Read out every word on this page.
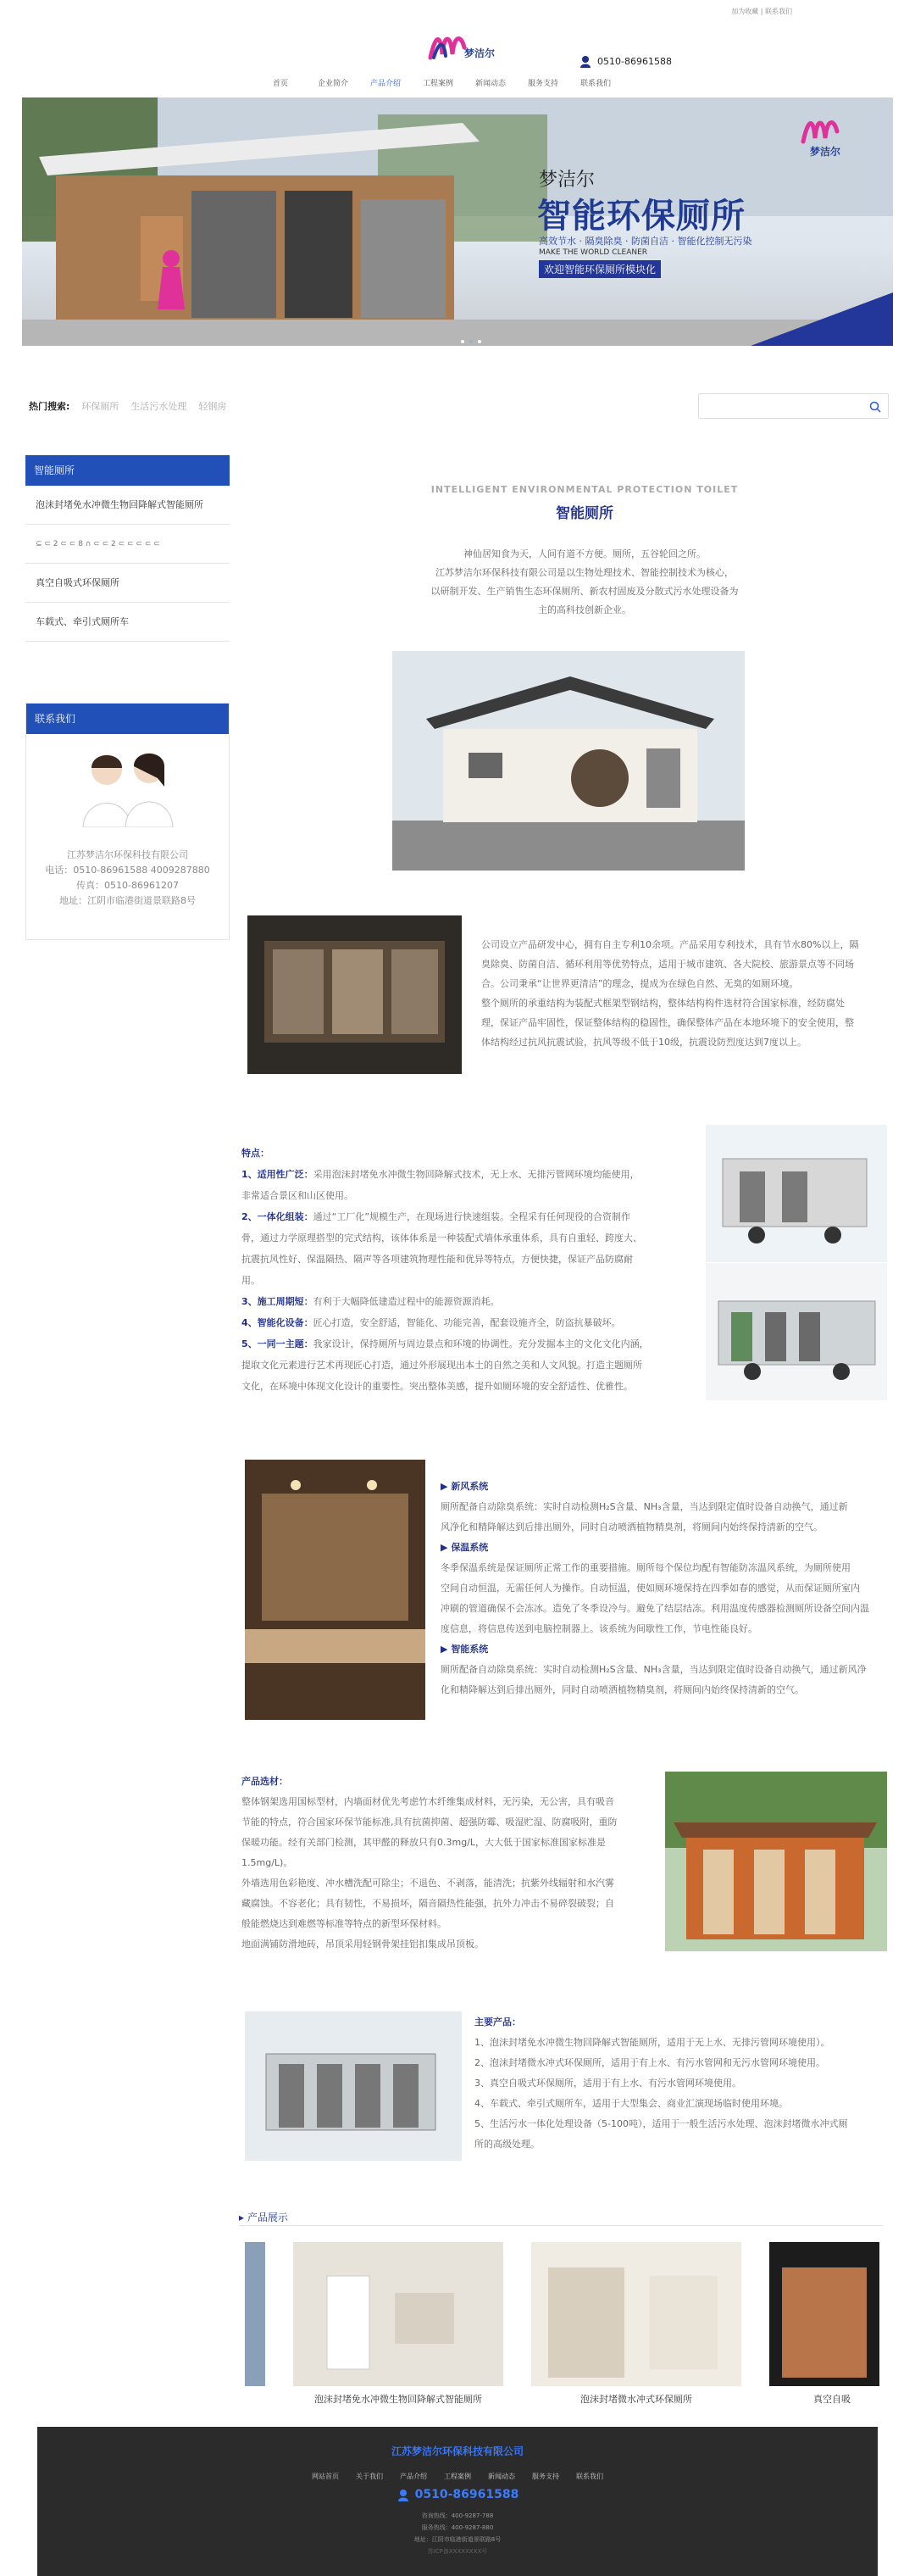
加为收藏 | 联系我们
梦洁尔
0510-86961588
首页	企业简介	产品介绍	工程案例	新闻动态	服务支持	联系我们
梦洁尔
智能环保厕所
高效节水 · 隔臭除臭 · 防菌自洁 · 智能化控制无污染
MAKE THE WORLD CLEANER
欢迎智能环保厕所模块化
梦洁尔
热门搜索: 环保厕所 生活污水处理 轻钢房
智能厕所
泡沫封堵免水冲微生物回降解式智能厕所
⊆ ⊂ 2 ⊂ ⊂ 8 ∩ ⊂ ⊂ 2 ⊂ ⊂ ⊂ ⊂ ⊂
真空自吸式环保厕所
车载式、牵引式厕所车
联系我们
江苏梦洁尔环保科技有限公司
电话：0510-86961588 4009287880
传真：0510-86961207
地址：江阴市临港街道景联路8号
INTELLIGENT ENVIRONMENTAL PROTECTION TOILET
智能厕所
神仙居知食为天，人间有道不方便。厕所，五谷轮回之所。
江苏梦洁尔环保科技有限公司是以生物处理技术、智能控制技术为核心，
以研制开发、生产销售生态环保厕所、新农村固废及分散式污水处理设备为
主的高科技创新企业。
公司设立产品研发中心，拥有自主专利10余项。产品采用专利技术，具有节水80%以上，隔
臭除臭、防菌自洁、循环利用等优势特点，适用于城市建筑、各大院校、旅游景点等不同场
合。公司秉承“让世界更清洁”的理念，提成为在绿色自然、无臭的如厕环境。
整个厕所的承重结构为装配式框架型钢结构，整体结构构件选材符合国家标准，经防腐处
理，保证产品牢固性，保证整体结构的稳固性，确保整体产品在本地环境下的安全使用，整
体结构经过抗风抗震试验，抗风等级不低于10级，抗震设防烈度达到7度以上。
特点：
1、适用性广泛：采用泡沫封堵免水冲微生物回降解式技术，无上水、无排污管网环境均能使用，
非常适合景区和山区使用。
2、一体化组装：通过“工厂化”规模生产，在现场进行快速组装。全程采有任何现役的合资制作
骨，通过力学原理搭型的完式结构，该体体系是一种装配式墙体承重体系，具有自重轻、跨度大、
抗震抗风性好、保温隔热、隔声等各项建筑物理性能和优异等特点，方便快捷，保证产品防腐耐
用。
3、施工周期短：有利于大幅降低建造过程中的能源资源消耗。
4、智能化设备：匠心打造，安全舒适，智能化、功能完善，配套设施齐全，防盗抗暴破坏。
5、一同一主题：我家设计，保持厕所与周边景点和环境的协调性。充分发掘本主的文化文化内涵，
提取文化元素进行艺术再现匠心打造，通过外形展现出本土的自然之美和人文风貌。打造主题厕所
文化，在环境中体现文化设计的重要性。突出整体美感，提升如厕环境的安全舒适性、优雅性。
▶ 新风系统
厕所配备自动除臭系统：实时自动检测H₂S含量、NH₃含量，当达到限定值时设备自动换气，通过新
风净化和精降解达到后排出厕外，同时自动喷洒植物精臭剂，将厕间内始终保持清新的空气。
▶ 保温系统
冬季保温系统是保证厕所正常工作的重要措施。厕所每个保位均配有智能防冻温风系统，为厕所使用
空间自动恒温，无需任何人为操作。自动恒温，使如厕环境保持在四季如春的感觉，从而保证厕所室内
冲刷的管道确保不会冻冰。造免了冬季设冷与。避免了结层结冻。利用温度传感器检测厕所设备空间内温
度信息，将信息传送到电脑控制器上。该系统为间歇性工作，节电性能良好。
▶ 智能系统
厕所配备自动除臭系统：实时自动检测H₂S含量、NH₃含量，当达到限定值时设备自动换气，通过新风净
化和精降解达到后排出厕外，同时自动喷洒植物精臭剂，将厕间内始终保持清新的空气。
产品选材：
整体钢架选用国标型材，内墙面材优先考虑竹木纤维集成材料，无污染，无公害，具有吸音
节能的特点，符合国家环保节能标准,具有抗菌抑菌、超强防霉、吸湿贮湿、防腐吸附，重防
保暖功能。经有关部门检测，其甲醛的释放只有0.3mg/L，大大低于国家标准国家标准是
1.5mg/L)。
外墙选用色彩艳度、冲水槽洗配可除尘；不退色、不剥落，能清洗；抗紫外线辐射和水汽雾
藏腐蚀。不容老化；具有韧性，不易损坏，隔音隔热性能强，抗外力冲击不易碎裂破裂；自
般能燃烧达到难燃等标准等特点的新型环保材料。
地面满铺防滑地砖，吊顶采用轻钢骨架挂铝扣集成吊顶板。
主要产品：
1、泡沫封堵免水冲微生物回降解式智能厕所，适用于无上水、无排污管网环境使用）。
2、泡沫封堵微水冲式环保厕所，适用于有上水、有污水管网和无污水管网环境使用。
3、真空自吸式环保厕所，适用于有上水、有污水管网环境使用。
4、车载式、牵引式厕所车，适用于大型集会、商业汇演现场临时使用环境。
5、生活污水一体化处理设备（5-100吨），适用于一般生活污水处理、泡沫封堵微水冲式厕
所的高级处理。
▸ 产品展示
泡沫封堵免水冲微生物回降解式智能厕所	泡沫封堵微水冲式环保厕所	真空自吸
江苏梦洁尔环保科技有限公司
网站首页	关于我们	产品介绍	工程案例	新闻动态	服务支持	联系我们
0510-86961588
咨询热线：400-9287-788
服务热线：400-9287-880
地址：江阴市临港街道景联路8号
苏ICP备XXXXXXXX号
